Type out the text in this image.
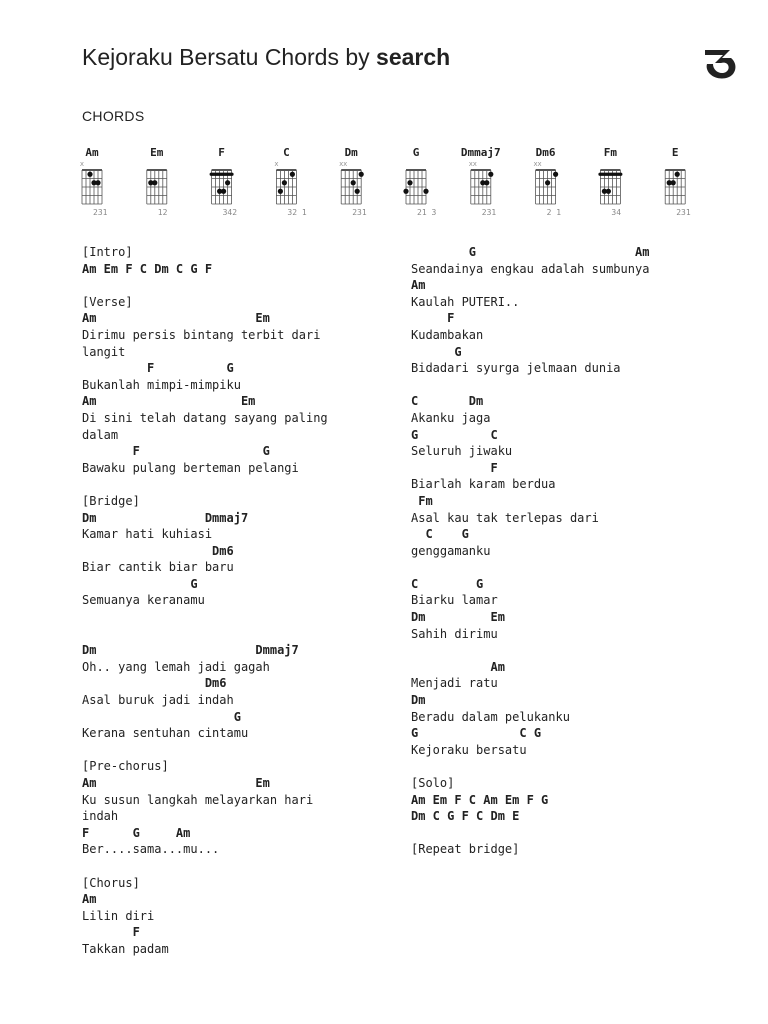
Kejoraku Bersatu Chords by search
CHORDS
Am
x
231
Em
12
F
342
C
x
32 1
Dm
x x
231
G
21 3
Dmmaj7
x x
231
Dm6
x x
2 1
Fm
34
E
231
[Intro]
Am Em F C Dm C G F
[Verse]
Am                      Em
Dirimu persis bintang terbit dari
langit
F          G
Bukanlah mimpi-mimpiku
Am                    Em
Di sini telah datang sayang paling
dalam
F                 G
Bawaku pulang berteman pelangi
[Bridge]
Dm               Dmmaj7
Kamar hati kuhiasi
Dm6
Biar cantik biar baru
G
Semuanya keranamu
Dm                      Dmmaj7
Oh.. yang lemah jadi gagah
Dm6
Asal buruk jadi indah
G
Kerana sentuhan cintamu
[Pre-chorus]
Am                      Em
Ku susun langkah melayarkan hari
indah
F      G     Am
Ber....sama...mu...
[Chorus]
Am
Lilin diri
F
Takkan padam
G                      Am
Seandainya engkau adalah sumbunya
Am
Kaulah PUTERI..
F
Kudambakan
G
Bidadari syurga jelmaan dunia
C       Dm
Akanku jaga
G          C
Seluruh jiwaku
F
Biarlah karam berdua
Fm
Asal kau tak terlepas dari
C    G
genggamanku
C        G
Biarku lamar
Dm         Em
Sahih dirimu
Am
Menjadi ratu
Dm
Beradu dalam pelukanku
G              C G
Kejoraku bersatu
[Solo]
Am Em F C Am Em F G
Dm C G F C Dm E
[Repeat bridge]
